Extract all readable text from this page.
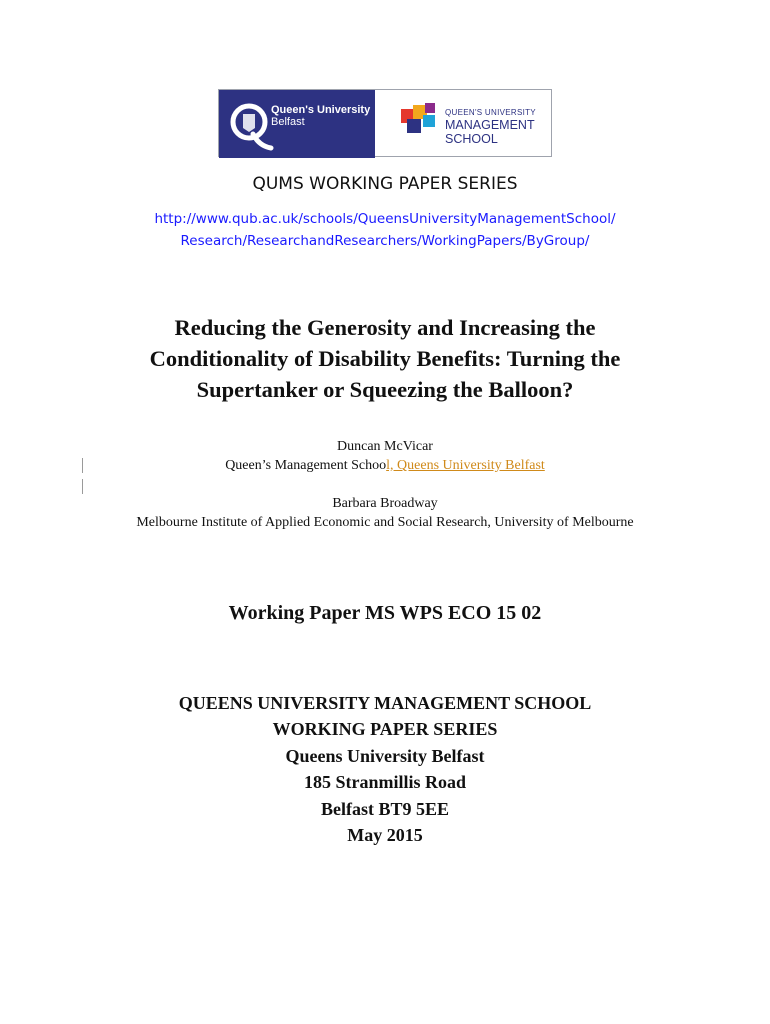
Queen's University
Belfast
QUEEN'S UNIVERSITY
MANAGEMENT
SCHOOL
QUMS WORKING PAPER SERIES
http://www.qub.ac.uk/schools/QueensUniversityManagementSchool/
Research/ResearchandResearchers/WorkingPapers/ByGroup/
Reducing the Generosity and Increasing the
Conditionality of Disability Benefits: Turning the
Supertanker or Squeezing the Balloon?
Duncan McVicar
Queen’s Management School, Queens University Belfast
Barbara Broadway
Melbourne Institute of Applied Economic and Social Research, University of Melbourne
Working Paper MS WPS ECO 15 02
QUEENS UNIVERSITY MANAGEMENT SCHOOL
WORKING PAPER SERIES
Queens University Belfast
185 Stranmillis Road
Belfast BT9 5EE
May 2015
